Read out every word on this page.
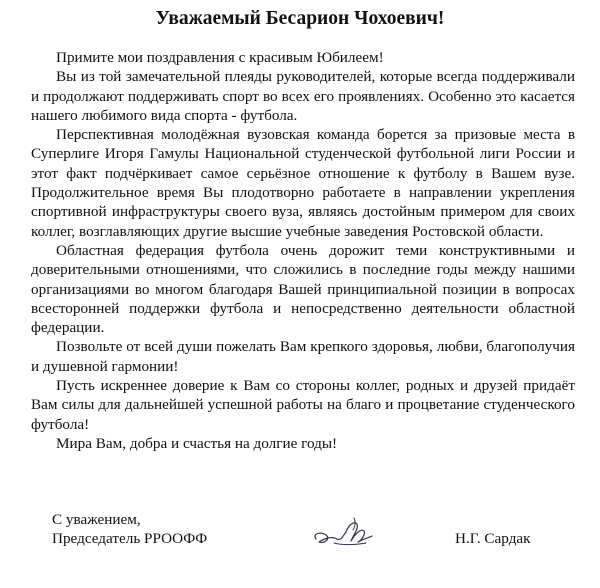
Уважаемый Бесарион Чохоевич!

Примите мои поздравления с красивым Юбилеем!

Вы из той замечательной плеяды руководителей, которые всегда поддерживали и продолжают поддерживать спорт во всех его проявлениях. Особенно это касается нашего любимого вида спорта - футбола.

Перспективная молодёжная вузовская команда борется за призовые места в Суперлиге Игоря Гамулы Национальной студенческой футбольной лиги России и этот факт подчёркивает самое серьёзное отношение к футболу в Вашем вузе. Продолжительное время Вы плодотворно работаете в направлении укрепления спортивной инфраструктуры своего вуза, являясь достойным примером для своих коллег, возглавляющих другие высшие учебные заведения Ростовской области.

Областная федерация футбола очень дорожит теми конструктивными и доверительными отношениями, что сложились в последние годы между нашими организациями во многом благодаря Вашей принципиальной позиции в вопросах всесторонней поддержки футбола и непосредственно деятельности областной федерации.

Позвольте от всей души пожелать Вам крепкого здоровья, любви, благополучия и душевной гармонии!

Пусть искреннее доверие к Вам со стороны коллег, родных и друзей придаёт Вам силы для дальнейшей успешной работы на благо и процветание студенческого футбола!

Мира Вам, добра и счастья на долгие годы!

С уважением,
Председатель РРООФФ	Н.Г. Сардак
